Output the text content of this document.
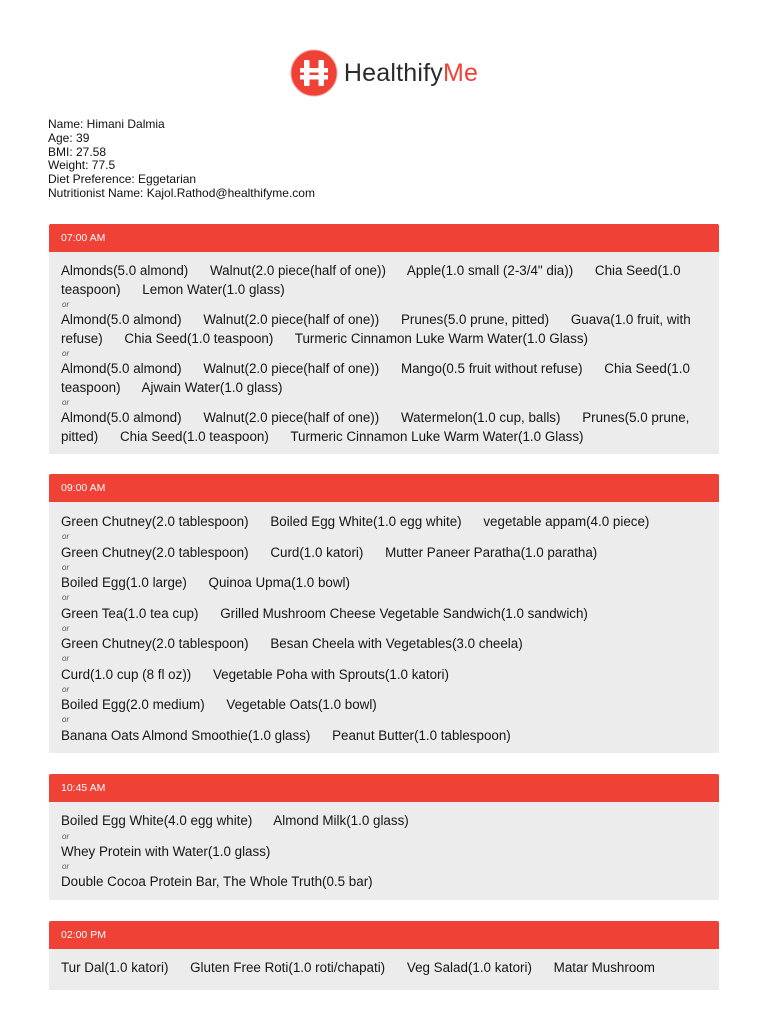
HealthifyMe
Name: Himani Dalmia
Age: 39
BMI: 27.58
Weight: 77.5
Diet Preference: Eggetarian
Nutritionist Name: Kajol.Rathod@healthifyme.com
07:00 AM
Almonds(5.0 almond) Walnut(2.0 piece(half of one)) Apple(1.0 small (2-3/4" dia)) Chia Seed(1.0 teaspoon) Lemon Water(1.0 glass)
or
Almond(5.0 almond) Walnut(2.0 piece(half of one)) Prunes(5.0 prune, pitted) Guava(1.0 fruit, with refuse) Chia Seed(1.0 teaspoon) Turmeric Cinnamon Luke Warm Water(1.0 Glass)
or
Almond(5.0 almond) Walnut(2.0 piece(half of one)) Mango(0.5 fruit without refuse) Chia Seed(1.0 teaspoon) Ajwain Water(1.0 glass)
or
Almond(5.0 almond) Walnut(2.0 piece(half of one)) Watermelon(1.0 cup, balls) Prunes(5.0 prune, pitted) Chia Seed(1.0 teaspoon) Turmeric Cinnamon Luke Warm Water(1.0 Glass)
09:00 AM
Green Chutney(2.0 tablespoon) Boiled Egg White(1.0 egg white) vegetable appam(4.0 piece)
or
Green Chutney(2.0 tablespoon) Curd(1.0 katori) Mutter Paneer Paratha(1.0 paratha)
or
Boiled Egg(1.0 large) Quinoa Upma(1.0 bowl)
or
Green Tea(1.0 tea cup) Grilled Mushroom Cheese Vegetable Sandwich(1.0 sandwich)
or
Green Chutney(2.0 tablespoon) Besan Cheela with Vegetables(3.0 cheela)
or
Curd(1.0 cup (8 fl oz)) Vegetable Poha with Sprouts(1.0 katori)
or
Boiled Egg(2.0 medium) Vegetable Oats(1.0 bowl)
or
Banana Oats Almond Smoothie(1.0 glass) Peanut Butter(1.0 tablespoon)
10:45 AM
Boiled Egg White(4.0 egg white) Almond Milk(1.0 glass)
or
Whey Protein with Water(1.0 glass)
or
Double Cocoa Protein Bar, The Whole Truth(0.5 bar)
02:00 PM
Tur Dal(1.0 katori) Gluten Free Roti(1.0 roti/chapati) Veg Salad(1.0 katori) Matar Mushroom
